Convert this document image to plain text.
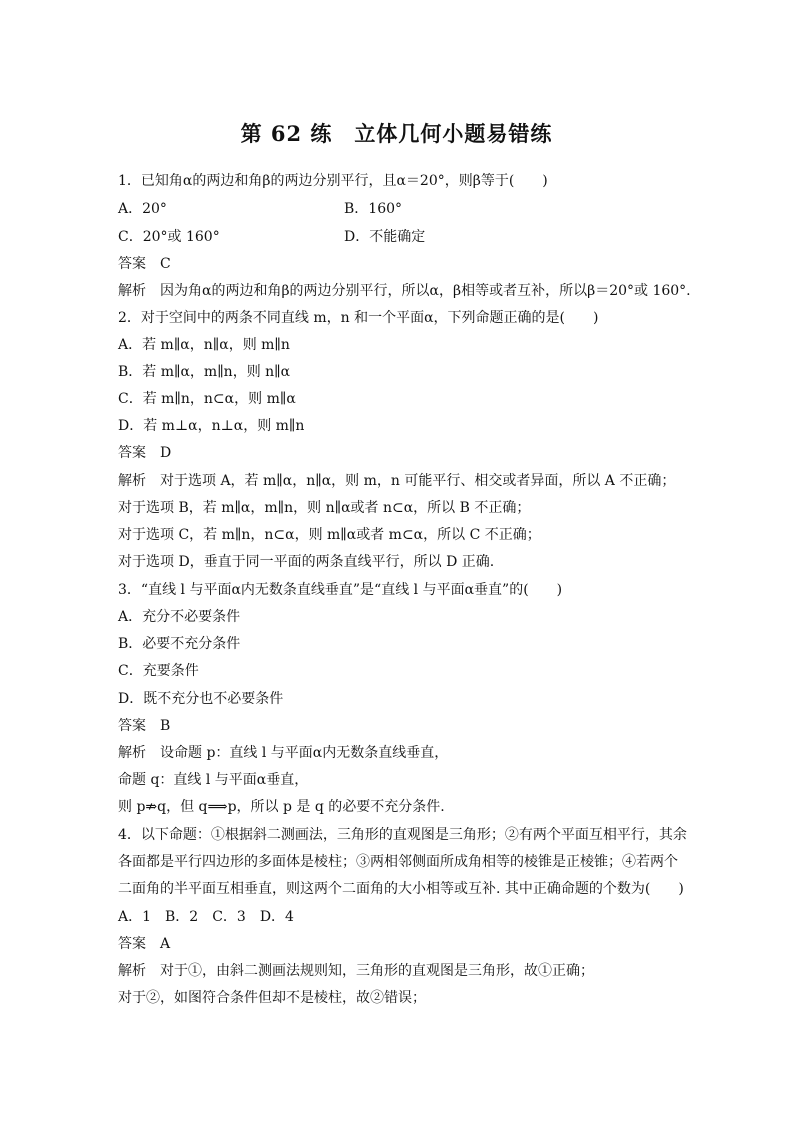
第 62 练　立体几何小题易错练
1．已知角α的两边和角β的两边分别平行，且α＝20°，则β等于(　　)
A．20°	B．160°
C．20°或 160°	D．不能确定
答案 C
解析　因为角α的两边和角β的两边分别平行，所以α，β相等或者互补，所以β＝20°或 160°.
2．对于空间中的两条不同直线 m，n 和一个平面α，下列命题正确的是(　　)
A．若 m∥α，n∥α，则 m∥n
B．若 m∥α，m∥n，则 n∥α
C．若 m∥n，n⊂α，则 m∥α
D．若 m⊥α，n⊥α，则 m∥n
答案 D
解析　对于选项 A，若 m∥α，n∥α，则 m，n 可能平行、相交或者异面，所以 A 不正确；
对于选项 B，若 m∥α，m∥n，则 n∥α或者 n⊂α，所以 B 不正确；
对于选项 C，若 m∥n，n⊂α，则 m∥α或者 m⊂α，所以 C 不正确；
对于选项 D，垂直于同一平面的两条直线平行，所以 D 正确.
3．“直线 l 与平面α内无数条直线垂直”是“直线 l 与平面α垂直”的(　　)
A．充分不必要条件
B．必要不充分条件
C．充要条件
D．既不充分也不必要条件
答案 B
解析　设命题 p：直线 l 与平面α内无数条直线垂直，
命题 q：直线 l 与平面α垂直，
则 p⇏q，但 q⟹p，所以 p 是 q 的必要不充分条件.
4．以下命题：①根据斜二测画法，三角形的直观图是三角形；②有两个平面互相平行，其余
各面都是平行四边形的多面体是棱柱；③两相邻侧面所成角相等的棱锥是正棱锥；④若两个
二面角的半平面互相垂直，则这两个二面角的大小相等或互补. 其中正确命题的个数为(　　)
A．1　B．2　C．3　D．4
答案 A
解析　对于①，由斜二测画法规则知，三角形的直观图是三角形，故①正确；
对于②，如图符合条件但却不是棱柱，故②错误；
